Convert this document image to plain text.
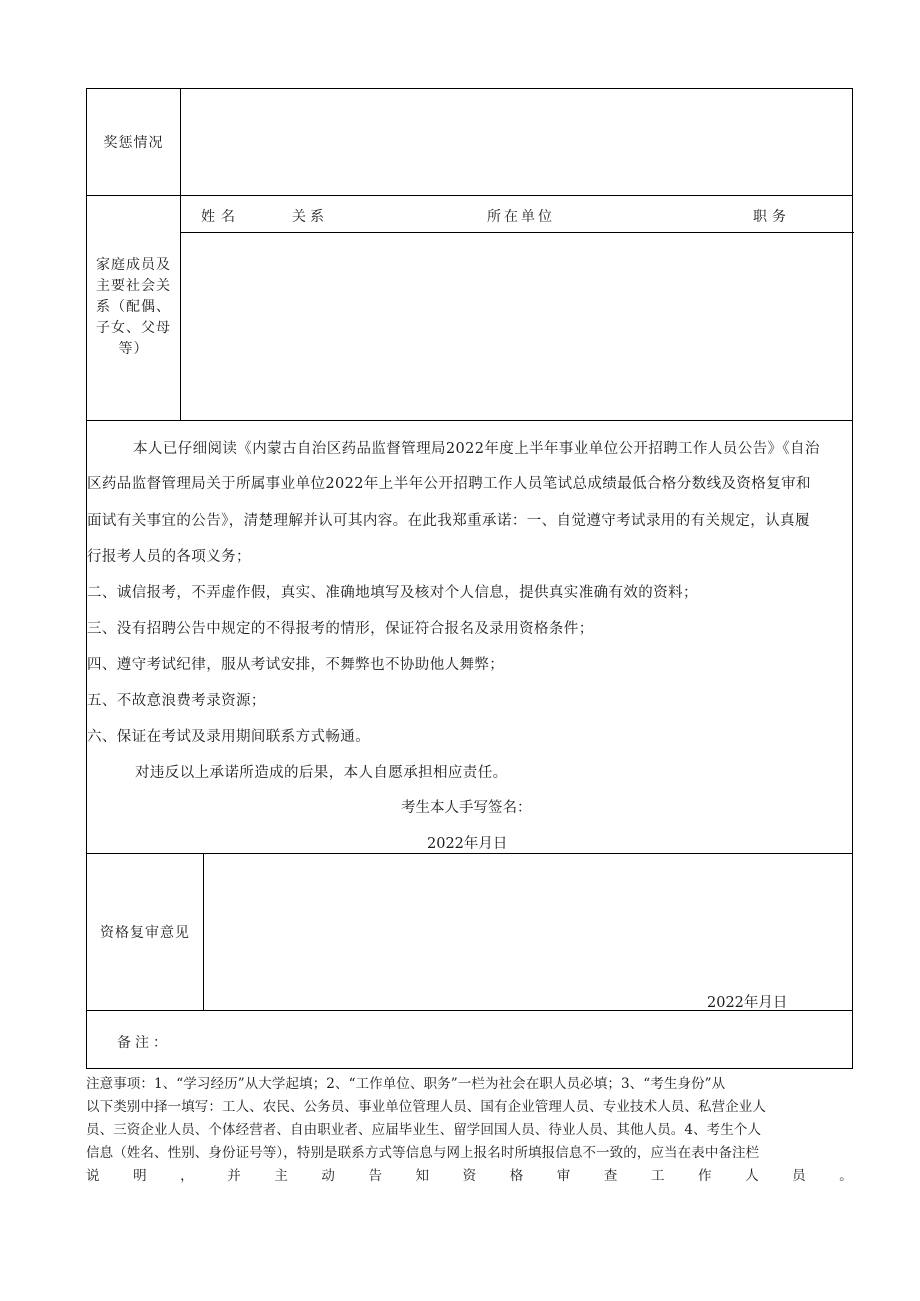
奖惩情况
家庭成员及
主要社会关
系（配偶、
子女、父母
等）
姓名	关系	所在单位	职务
本人已仔细阅读《内蒙古自治区药品监督管理局2022年度上半年事业单位公开招聘工作人员公告》《自治
区药品监督管理局关于所属事业单位2022年上半年公开招聘工作人员笔试总成绩最低合格分数线及资格复审和
面试有关事宜的公告》，清楚理解并认可其内容。在此我郑重承诺：一、自觉遵守考试录用的有关规定，认真履
行报考人员的各项义务；
二、诚信报考，不弄虚作假，真实、准确地填写及核对个人信息，提供真实准确有效的资料；
三、没有招聘公告中规定的不得报考的情形，保证符合报名及录用资格条件；
四、遵守考试纪律，服从考试安排，不舞弊也不协助他人舞弊；
五、不故意浪费考录资源；
六、保证在考试及录用期间联系方式畅通。
对违反以上承诺所造成的后果，本人自愿承担相应责任。
考生本人手写签名：
2022年月日
资格复审意见
2022年月日
备注：

注意事项：1、“学习经历”从大学起填；2、“工作单位、职务”一栏为社会在职人员必填；3、“考生身份”从

以下类别中择一填写：工人、农民、公务员、事业单位管理人员、国有企业管理人员、专业技术人员、私营企业人

员、三资企业人员、个体经营者、自由职业者、应届毕业生、留学回国人员、待业人员、其他人员。4、考生个人

信息（姓名、性别、身份证号等），特别是联系方式等信息与网上报名时所填报信息不一致的，应当在表中备注栏

说 明 ， 并 主 动 告 知 资 格 审 查 工 作 人 员 。
